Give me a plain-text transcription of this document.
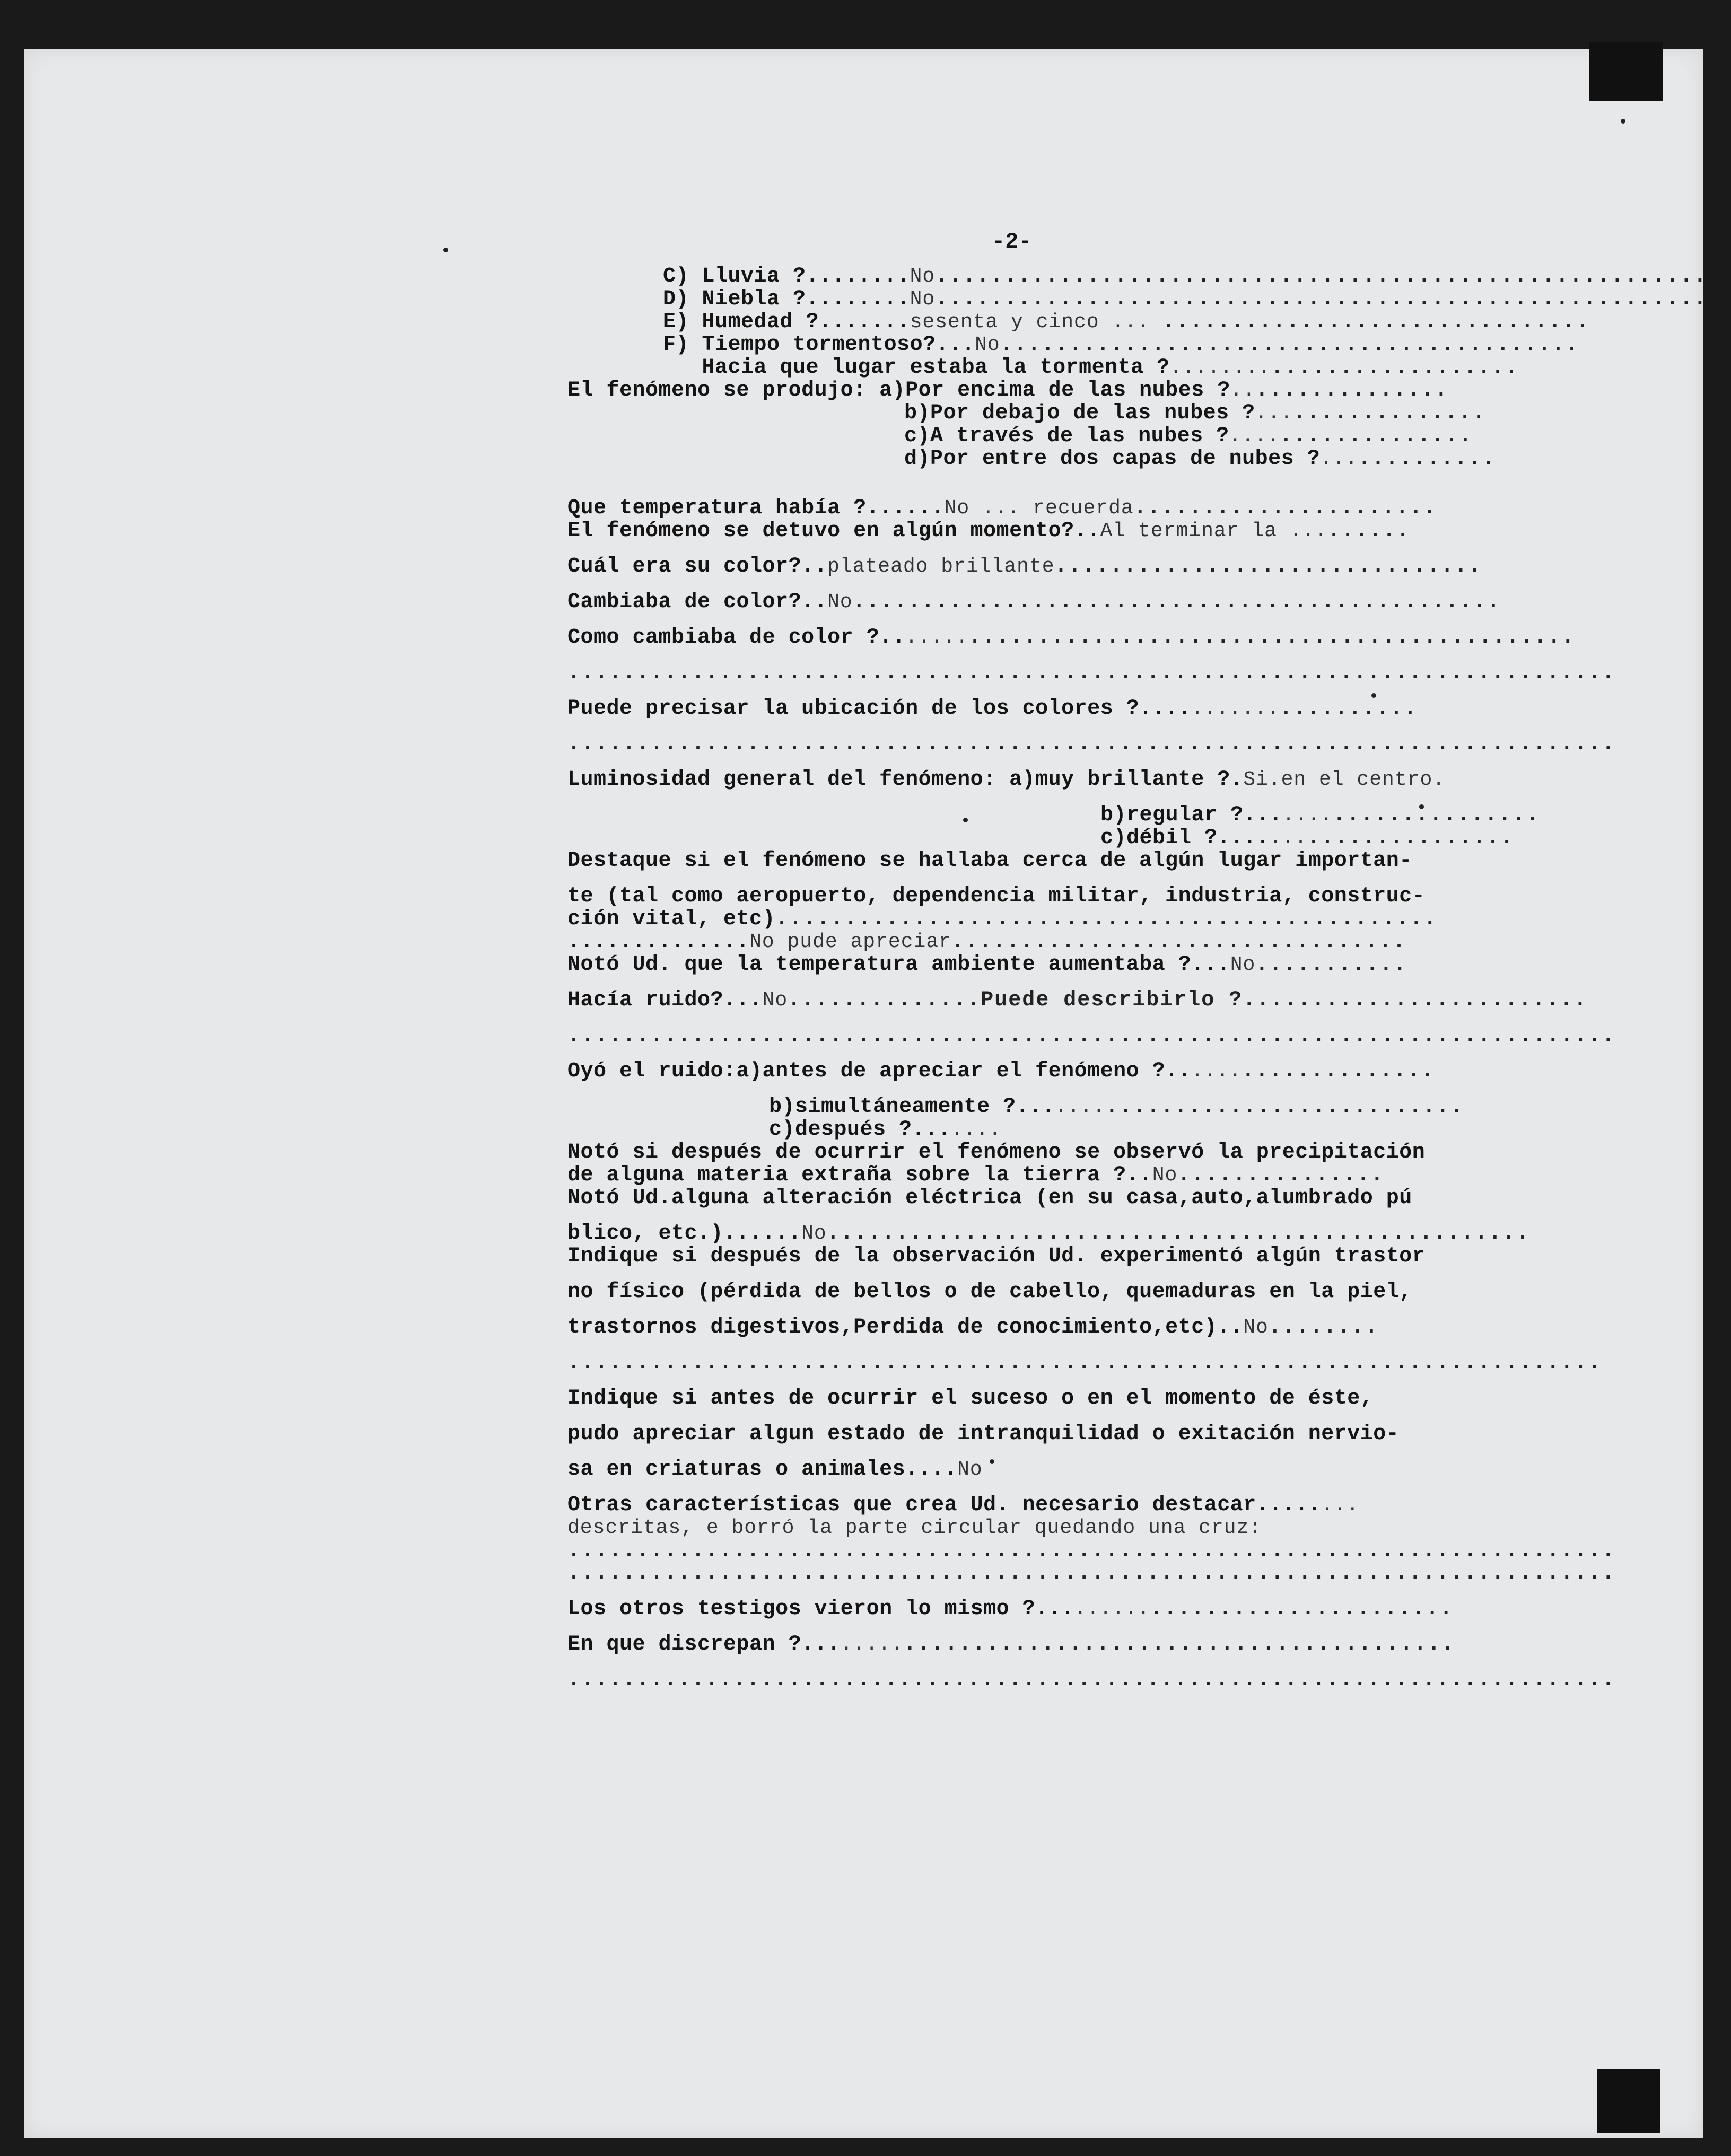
-2-
C) Lluvia ?........No........................................................
D) Niebla ?........No........................................................
E) Humedad ?.......sesenta y cinco ... ...............................
F) Tiempo tormentoso?...No..........................................
Hacia que lugar estaba la tormenta ?..........................
El fenómeno se produjo: a)Por encima de las nubes ?................
b)Por debajo de las nubes ?.................
c)A través de las nubes ?..................
d)Por entre dos capas de nubes ?.............
Que temperatura había ?......No ... recuerda......................
El fenómeno se detuvo en algún momento?..Al terminar la .........
Cuál era su color?..plateado brillante...............................
Cambiaba de color?..No...............................................
Como cambiaba de color ?...................................................
............................................................................
Puede precisar la ubicación de los colores ?.....................
............................................................................
Luminosidad general del fenómeno: a)muy brillante ?.Si.en el centro.
b)regular ?......................
c)débil ?......................
Destaque si el fenómeno se hallaba cerca de algún lugar importan-
te (tal como aeropuerto, dependencia militar, industria, construc-
ción vital, etc)................................................
..............No pude apreciar.................................
Notó Ud. que la temperatura ambiente aumentaba ?...No...........
Hacía ruido?...No..............Puede describirlo ?.........................
............................................................................
Oyó el ruido:a)antes de apreciar el fenómeno ?....................
b)simultáneamente ?.................................
c)después ?.......
Notó si después de ocurrir el fenómeno se observó la precipitación
de alguna materia extraña sobre la tierra ?..No...............
Notó Ud.alguna alteración eléctrica (en su casa,auto,alumbrado pú
blico, etc.)......No...................................................
Indique si después de la observación Ud. experimentó algún trastor
no físico (pérdida de bellos o de cabello, quemaduras en la piel,
trastornos digestivos,Perdida de conocimiento,etc)..No........
...........................................................................
Indique si antes de ocurrir el suceso o en el momento de éste,
pudo apreciar algun estado de intranquilidad o exitación nervio-
sa en criaturas o animales....No
Otras características que crea Ud. necesario destacar........
descritas, e borró la parte circular quedando una cruz:
............................................................................
............................................................................
Los otros testigos vieron lo mismo ?...............................
En que discrepan ?................................................
............................................................................
